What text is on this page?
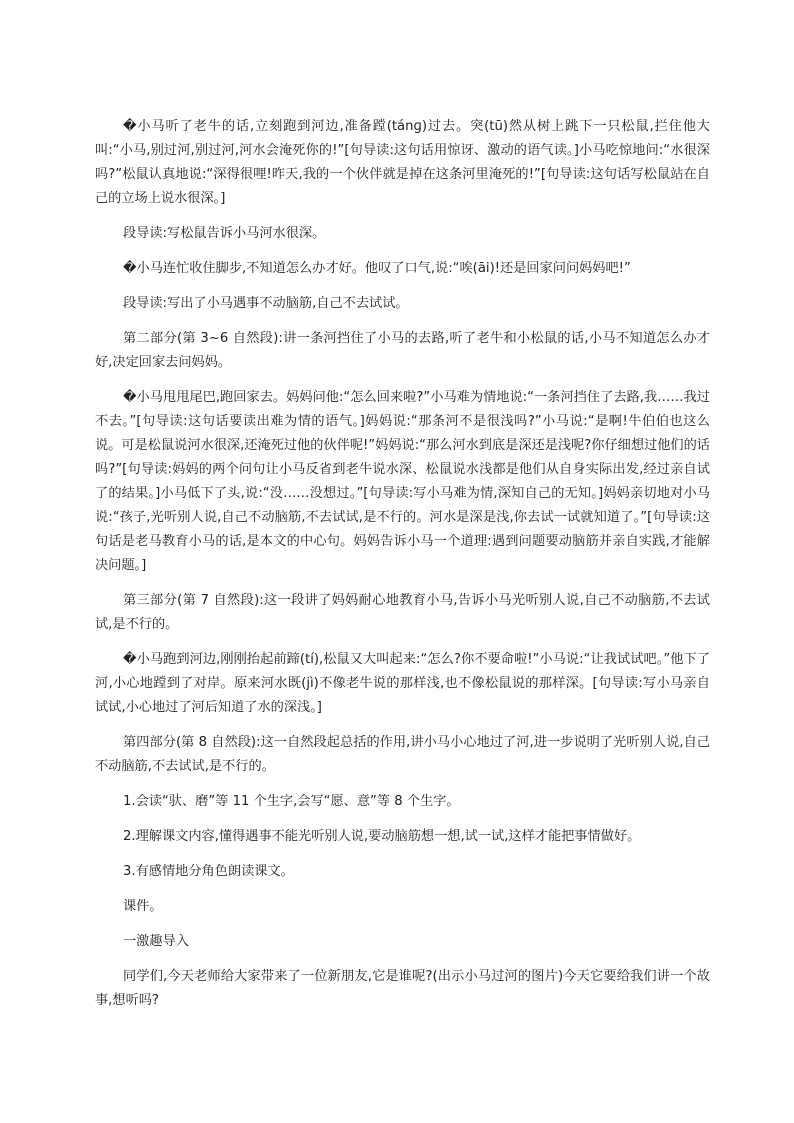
�小马听了老牛的话,立刻跑到河边,准备蹚(tánɡ)过去。突(tū)然从树上跳下一只松鼠,拦住他大叫:“小马,别过河,别过河,河水会淹死你的!”[句导读:这句话用惊讶、激动的语气读。]小马吃惊地问:“水很深吗?”松鼠认真地说:“深得很哩!昨天,我的一个伙伴就是掉在这条河里淹死的!”[句导读:这句话写松鼠站在自己的立场上说水很深。]

段导读:写松鼠告诉小马河水很深。

�小马连忙收住脚步,不知道怎么办才好。他叹了口气,说:“唉(āi)!还是回家问问妈妈吧!”

段导读:写出了小马遇事不动脑筋,自己不去试试。

第二部分(第 3~6 自然段):讲一条河挡住了小马的去路,听了老牛和小松鼠的话,小马不知道怎么办才好,决定回家去问妈妈。

�小马甩甩尾巴,跑回家去。妈妈问他:“怎么回来啦?”小马难为情地说:“一条河挡住了去路,我……我过不去。”[句导读:这句话要读出难为情的语气。]妈妈说:“那条河不是很浅吗?”小马说:“是啊!牛伯伯也这么说。可是松鼠说河水很深,还淹死过他的伙伴呢!”妈妈说:“那么河水到底是深还是浅呢?你仔细想过他们的话吗?”[句导读:妈妈的两个问句让小马反省到老牛说水深、松鼠说水浅都是他们从自身实际出发,经过亲自试了的结果。]小马低下了头,说:“没……没想过。”[句导读:写小马难为情,深知自己的无知。]妈妈亲切地对小马说:“孩子,光听别人说,自己不动脑筋,不去试试,是不行的。河水是深是浅,你去试一试就知道了。”[句导读:这句话是老马教育小马的话,是本文的中心句。妈妈告诉小马一个道理:遇到问题要动脑筋并亲自实践,才能解决问题。]

第三部分(第 7 自然段):这一段讲了妈妈耐心地教育小马,告诉小马光听别人说,自己不动脑筋,不去试试,是不行的。

�小马跑到河边,刚刚抬起前蹄(tí),松鼠又大叫起来:“怎么?你不要命啦!”小马说:“让我试试吧。”他下了河,小心地蹚到了对岸。原来河水既(jì)不像老牛说的那样浅,也不像松鼠说的那样深。[句导读:写小马亲自试试,小心地过了河后知道了水的深浅。]

第四部分(第 8 自然段):这一自然段起总括的作用,讲小马小心地过了河,进一步说明了光听别人说,自己不动脑筋,不去试试,是不行的。

1.会读“驮、磨”等 11 个生字,会写“愿、意”等 8 个生字。

2.理解课文内容,懂得遇事不能光听别人说,要动脑筋想一想,试一试,这样才能把事情做好。

3.有感情地分角色朗读课文。

课件。

一激趣导入

同学们,今天老师给大家带来了一位新朋友,它是谁呢?(出示小马过河的图片)今天它要给我们讲一个故事,想听吗?
